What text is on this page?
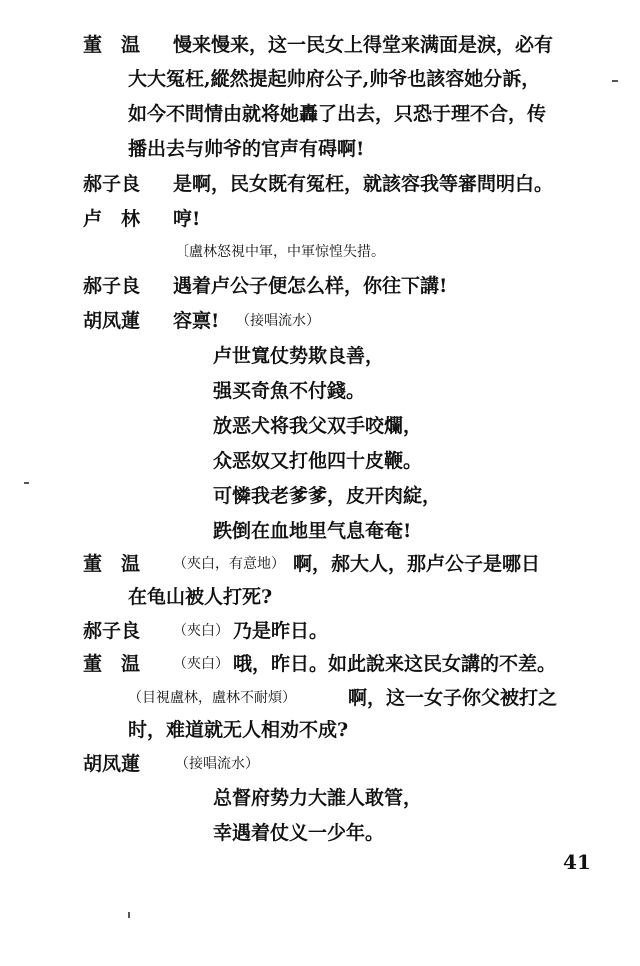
董　温 慢来慢来，这一民女上得堂来满面是淚，必有
大大冤枉,縱然提起帅府公子,帅爷也該容她分訴，
如今不問情由就将她轟了出去，只恐于理不合，传
播出去与帅爷的官声有碍啊!
郝子良 是啊，民女既有冤枉，就該容我等審問明白。
卢　林 哼!
〔盧林怒視中軍，中軍惊惶失措。
郝子良 遇着卢公子便怎么样，你往下講!
胡凤蓮 容禀! （接唱流水）
卢世寬仗势欺良善，
强买奇魚不付錢。
放恶犬将我父双手咬爛，
众恶奴又打他四十皮鞭。
可憐我老爹爹，皮开肉綻，
跌倒在血地里气息奄奄!
董　温 （夾白，有意地） 啊，郝大人，那卢公子是哪日
在龟山被人打死?
郝子良 （夾白） 乃是昨日。
董　温 （夾白） 哦，昨日。如此說来这民女講的不差。
（目視盧林，盧林不耐煩）	啊，这一女子你父被打之
时，难道就无人相劝不成?
胡凤蓮 （接唱流水）
总督府势力大誰人敢管，
幸遇着仗义一少年。
41
